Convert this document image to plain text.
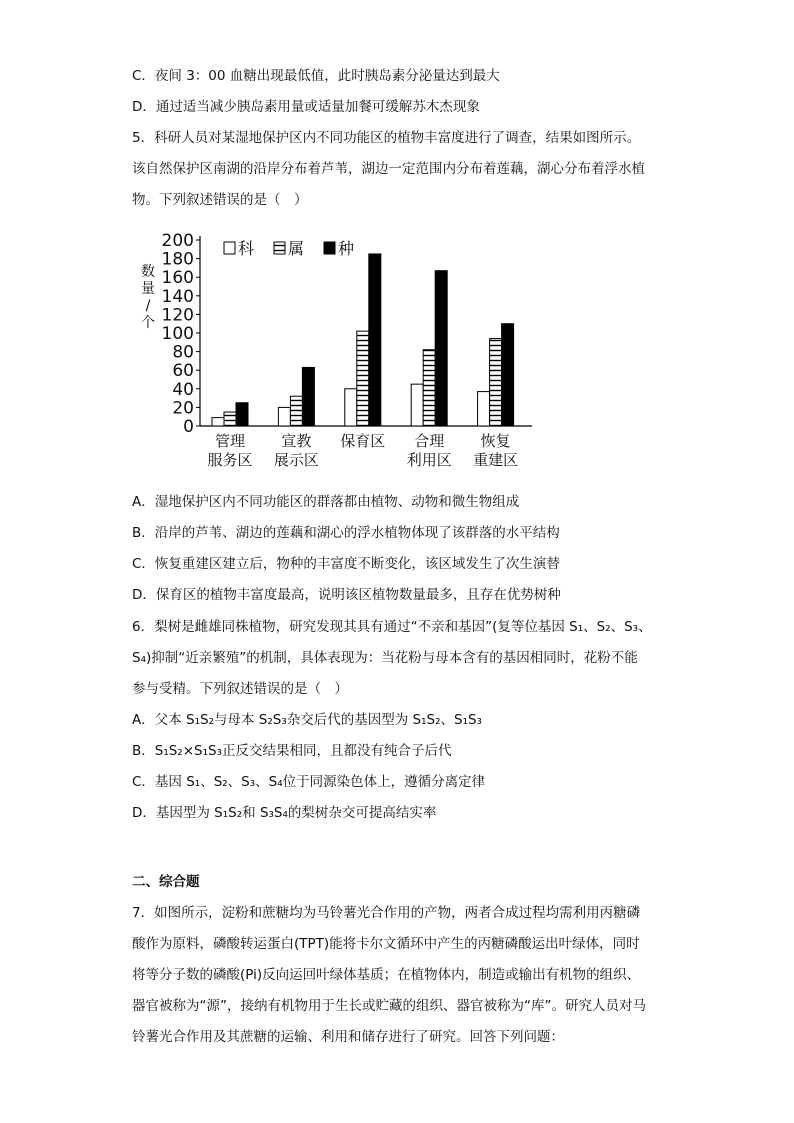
C．夜间 3：00 血糖出现最低值，此时胰岛素分泌量达到最大
D．通过适当减少胰岛素用量或适量加餐可缓解苏木杰现象
5．科研人员对某湿地保护区内不同功能区的植物丰富度进行了调查，结果如图所示。
该自然保护区南湖的沿岸分布着芦苇，湖边一定范围内分布着莲藕，湖心分布着浮水植
物。下列叙述错误的是（　）
0
20
40
60
80
100
120
140
160
180
200
数
量
/
个
管理
服务区
宣教
展示区
保育区 合理
利用区
恢复
重建区
科 属 种
A．湿地保护区内不同功能区的群落都由植物、动物和微生物组成
B．沿岸的芦苇、湖边的莲藕和湖心的浮水植物体现了该群落的水平结构
C．恢复重建区建立后，物种的丰富度不断变化，该区域发生了次生演替
D．保育区的植物丰富度最高，说明该区植物数量最多，且存在优势树种
6．梨树是雌雄同株植物，研究发现其具有通过“不亲和基因”(复等位基因 S₁、S₂、S₃、
S₄)抑制“近亲繁殖”的机制，具体表现为：当花粉与母本含有的基因相同时，花粉不能
参与受精。下列叙述错误的是（　）
A．父本 S₁S₂与母本 S₂S₃杂交后代的基因型为 S₁S₂、S₁S₃
B．S₁S₂×S₁S₃正反交结果相同，且都没有纯合子后代
C．基因 S₁、S₂、S₃、S₄位于同源染色体上，遵循分离定律
D．基因型为 S₁S₂和 S₃S₄的梨树杂交可提高结实率
二、综合题
7．如图所示，淀粉和蔗糖均为马铃薯光合作用的产物，两者合成过程均需利用丙糖磷
酸作为原料，磷酸转运蛋白(TPT)能将卡尔文循环中产生的丙糖磷酸运出叶绿体，同时
将等分子数的磷酸(Pi)反向运回叶绿体基质；在植物体内，制造或输出有机物的组织、
器官被称为“源”，接纳有机物用于生长或贮藏的组织、器官被称为“库”。研究人员对马
铃薯光合作用及其蔗糖的运输、利用和储存进行了研究。回答下列问题：
